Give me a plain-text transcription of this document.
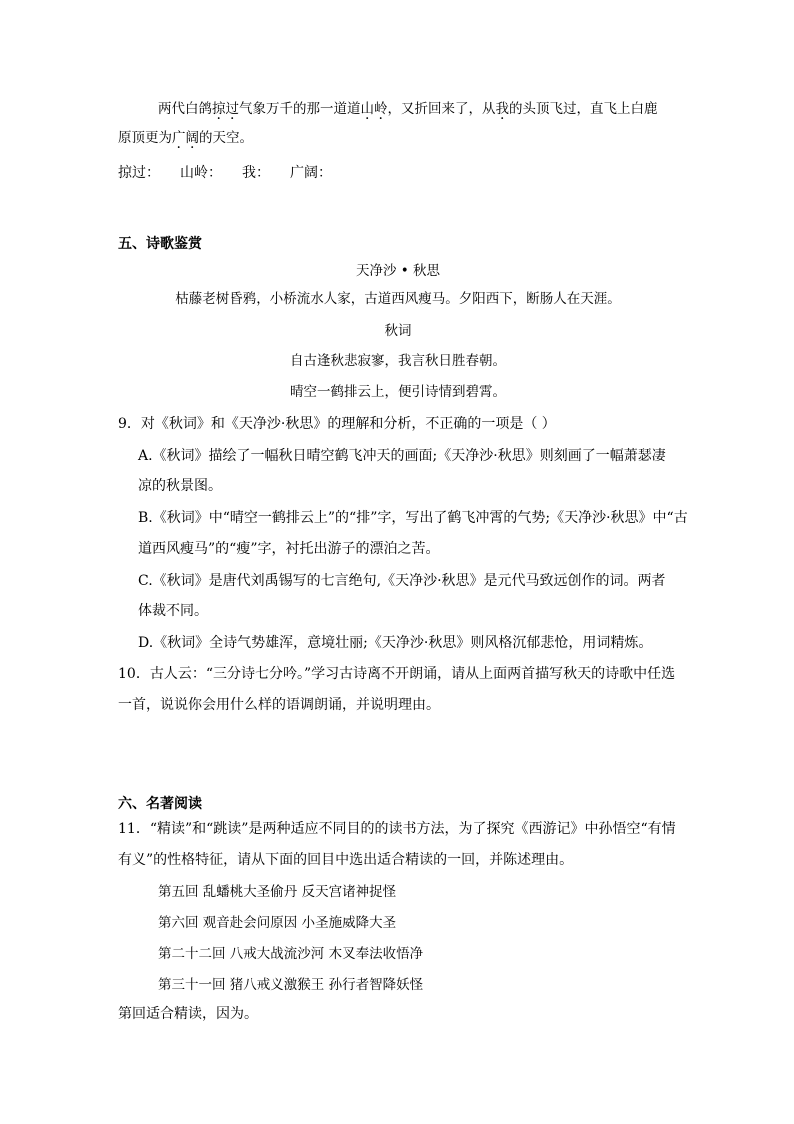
两代白鸽掠过气象万千的那一道道山岭，又折回来了，从我的头顶飞过，直飞上白鹿
原顶更为广阔的天空。
掠过： 山岭： 我： 广阔：
五、诗歌鉴赏
天净沙 • 秋思
枯藤老树昏鸦，小桥流水人家，古道西风瘦马。夕阳西下，断肠人在天涯。
秋词
自古逢秋悲寂寥，我言秋日胜春朝。
晴空一鹤排云上，便引诗情到碧霄。
9．对《秋词》和《天净沙·秋思》的理解和分析，不正确的一项是（ ）
A.《秋词》描绘了一幅秋日晴空鹤飞冲天的画面;《天净沙·秋思》则刻画了一幅萧瑟凄
凉的秋景图。
B.《秋词》中“晴空一鹤排云上”的“排”字，写出了鹤飞冲霄的气势;《天净沙·秋思》中“古
道西风瘦马”的“瘦”字，衬托出游子的漂泊之苦。
C.《秋词》是唐代刘禹锡写的七言绝句,《天净沙·秋思》是元代马致远创作的词。两者
体裁不同。
D.《秋词》全诗气势雄浑，意境壮丽;《天净沙·秋思》则风格沉郁悲怆，用词精炼。
10．古人云：“三分诗七分吟。”学习古诗离不开朗诵，请从上面两首描写秋天的诗歌中任选
一首，说说你会用什么样的语调朗诵，并说明理由。
六、名著阅读
11．“精读”和“跳读”是两种适应不同目的的读书方法，为了探究《西游记》中孙悟空“有情
有义”的性格特征，请从下面的回目中选出适合精读的一回，并陈述理由。
第五回 乱蟠桃大圣偷丹 反天宫诸神捉怪
第六回 观音赴会问原因 小圣施威降大圣
第二十二回 八戒大战流沙河 木叉奉法收悟净
第三十一回 猪八戒义激猴王 孙行者智降妖怪
第回适合精读，因为。
